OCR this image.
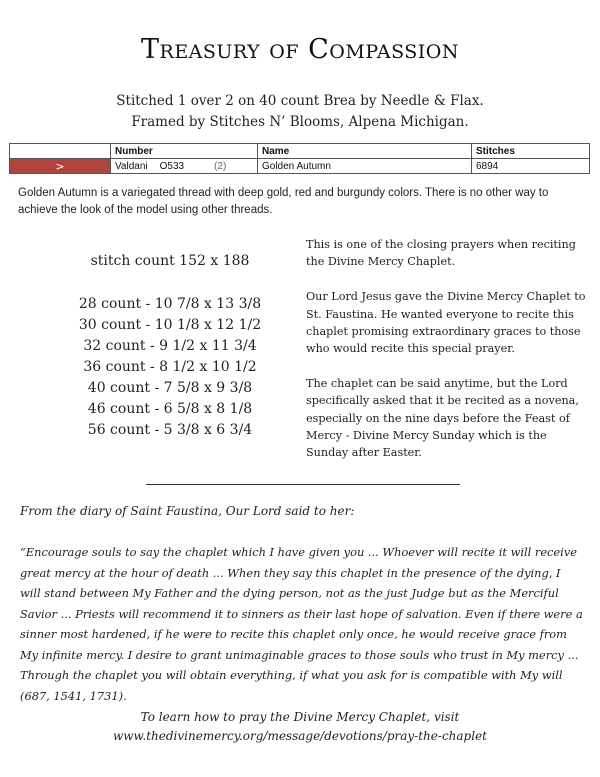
Treasury of Compassion
Stitched 1 over 2 on 40 count Brea by Needle & Flax.
Framed by Stitches N’ Blooms, Alpena Michigan.
	Number	Name	Stitches
>	Valdani O533 (2)	Golden Autumn	6894
Golden Autumn is a variegated thread with deep gold, red and burgundy colors. There is no other way to achieve the look of the model using other threads.
stitch count 152 x 188
28 count - 10 7/8 x 13 3/8
30 count - 10 1/8 x 12 1/2
32 count - 9 1/2 x 11 3/4
36 count - 8 1/2 x 10 1/2
40 count - 7 5/8 x 9 3/8
46 count - 6 5/8 x 8 1/8
56 count - 5 3/8 x 6 3/4

This is one of the closing prayers when reciting the Divine Mercy Chaplet.

Our Lord Jesus gave the Divine Mercy Chaplet to St. Faustina. He wanted everyone to recite this chaplet promising extraordinary graces to those who would recite this special prayer.

The chaplet can be said anytime, but the Lord specifically asked that it be recited as a novena, especially on the nine days before the Feast of Mercy - Divine Mercy Sunday which is the Sunday after Easter.

From the diary of Saint Faustina, Our Lord said to her:
“Encourage souls to say the chaplet which I have given you ... Whoever will recite it will receive great mercy at the hour of death ... When they say this chaplet in the presence of the dying, I will stand between My Father and the dying person, not as the just Judge but as the Merciful Savior ... Priests will recommend it to sinners as their last hope of salvation. Even if there were a sinner most hardened, if he were to recite this chaplet only once, he would receive grace from My infinite mercy. I desire to grant unimaginable graces to those souls who trust in My mercy ... Through the chaplet you will obtain everything, if what you ask for is compatible with My will (687, 1541, 1731).
To learn how to pray the Divine Mercy Chaplet, visit
www.thedivinemercy.org/message/devotions/pray-the-chaplet
